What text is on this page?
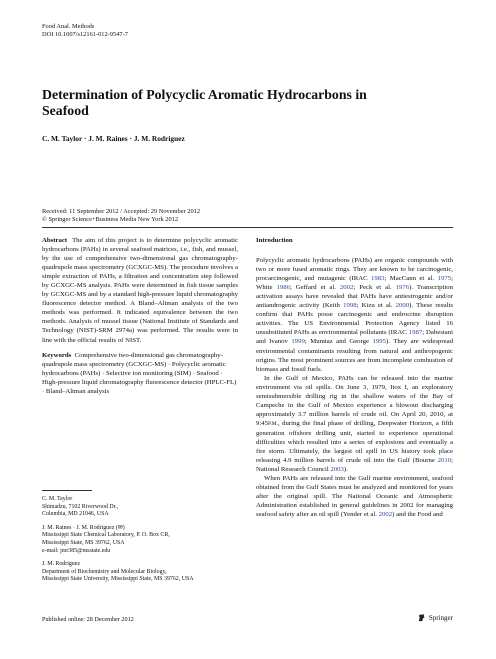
Food Anal. Methods
DOI 10.1007/s12161-012-9547-7
Determination of Polycyclic Aromatic Hydrocarbons in Seafood
C. M. Taylor · J. M. Raines · J. M. Rodriguez
Received: 11 September 2012 / Accepted: 29 November 2012
© Springer Science+Business Media New York 2012

Abstract The aim of this project is to determine polycyclic aromatic hydrocarbons (PAHs) in several seafood matrices, i.e., fish, and mussel, by the use of comprehensive two-dimensional gas chromatography-quadrupole mass spectrometry (GCXGC-MS). The procedure involves a simple extraction of PAHs, a filtration and concentration step followed by GCXGC-MS analysis. PAHs were determined in fish tissue samples by GCXGC-MS and by a standard high-pressure liquid chromatography fluorescence detector method. A Bland–Altman analysis of the two methods was performed. It indicated equivalence between the two methods. Analysis of mussel tissue (National Institute of Standards and Technology (NIST)-SRM 2974a) was performed. The results were in line with the official results of NIST.

Keywords Comprehensive two-dimensional gas chromatography-quadrupole mass spectrometry (GCXGC-MS) · Polycyclic aromatic hydrocarbons (PAHs) · Selective ion monitoring (SIM) · Seafood · High-pressure liquid chromatography fluorescence detector (HPLC-FL) · Bland–Altman analysis

C. M. Taylor
Shimadzu, 7102 Riverwood Dr.,
Columbia, MD 21046, USA
J. M. Raines · J. M. Rodriguez (✉)
Mississippi State Chemical Laboratory, P. O. Box CR,
Mississippi State, MS 39762, USA
e-mail: jmr385@msstate.edu
J. M. Rodriguez
Department of Biochemistry and Molecular Biology,
Mississippi State University, Mississippi State, MS 39762, USA

Introduction

Polycyclic aromatic hydrocarbons (PAHs) are organic compounds with two or more fused aromatic rings. They are known to be carcinogenic, procarcinogenic, and mutagenic (IRAC 1983; MacCann et al. 1975; White 1986; Geffard et al. 2002; Peck et al. 1976). Transcription activation assays have revealed that PAHs have antiestrogenic and/or antiandrogenic activity (Keith 1998; Kizu et al. 2000). These results confirm that PAHs posse carcinogenic and endrocrine disruption activities. The US Environmental Protection Agency listed 16 unsubstituted PAHs as environmental pollutants (IRAC 1987; Dabestani and Ivanov 1999; Mumtaz and George 1995). They are widespread environmental contaminants resulting from natural and anthropogenic origins. The most prominent sources are from incomplete combustion of biomass and fossil fuels.

In the Gulf of Mexico, PAHs can be released into the marine environment via oil spills. On June 3, 1979, Itox I, an exploratory semisubmersible drilling rig in the shallow waters of the Bay of Campeche in the Gulf of Mexico experience a blowout discharging approximately 3.7 million barrels of crude oil. On April 20, 2010, at 9:45P.M., during the final phase of drilling, Deepwater Horizon, a fifth generation offshore drilling unit, started to experience operational difficulties which resulted into a series of explosions and eventually a fire storm. Ultimately, the largest oil spill in US history took place releasing 4.9 million barrels of crude oil into the Gulf (Bourne 2010; National Research Council 2003).

When PAHs are released into the Gulf marine environment, seafood obtained from the Gulf States must be analyzed and monitored for years after the original spill. The National Oceanic and Atmospheric Administration established in general guidelines in 2002 for managing seafood safety after an oil spill (Yender et al. 2002) and the Food and

Published online: 28 December 2012	Springer
